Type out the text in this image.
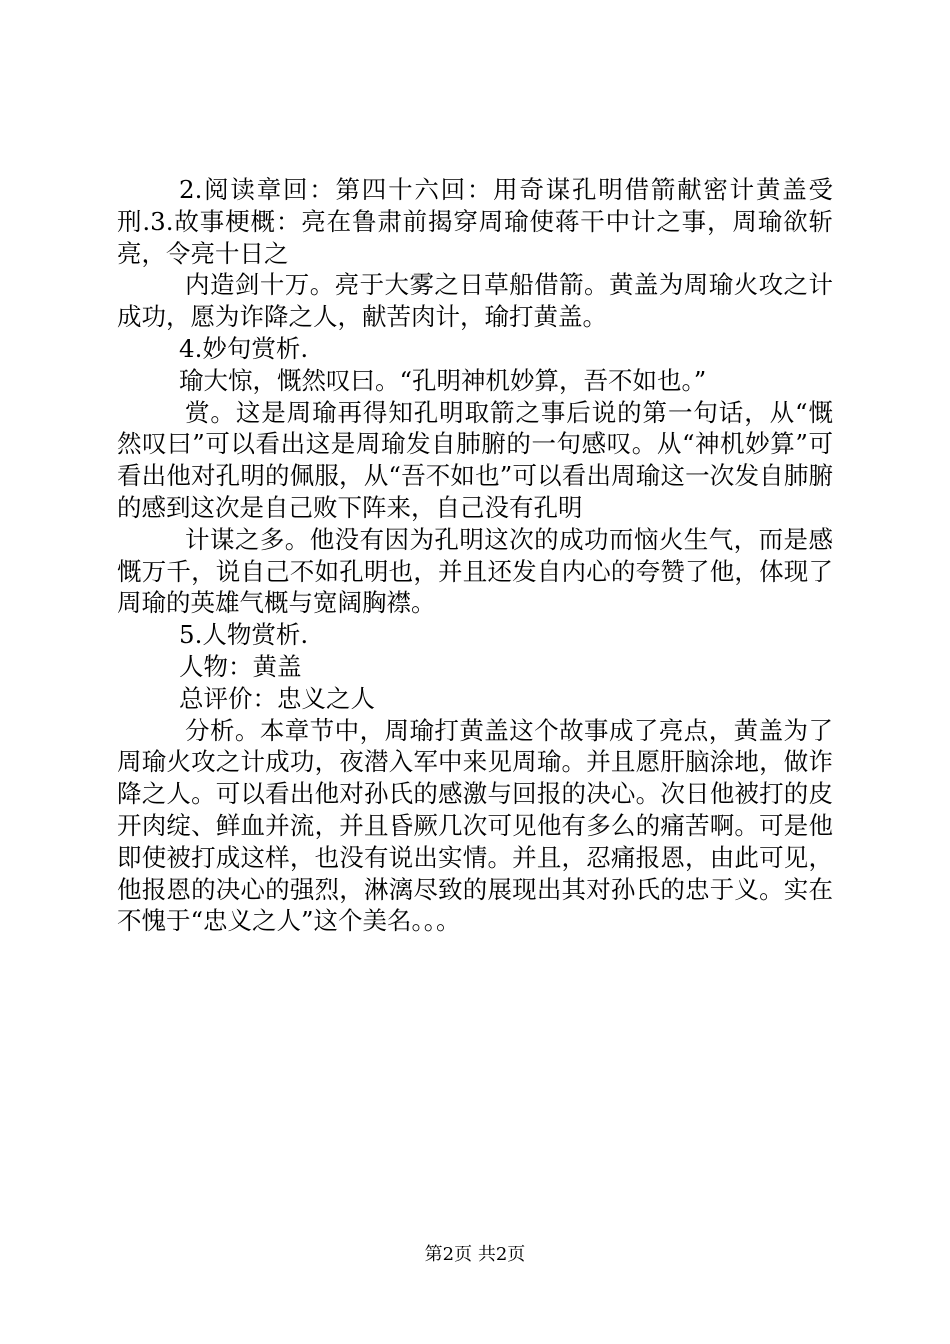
2.阅读章回：第四十六回：用奇谋孔明借箭献密计黄盖受刑.3.故事梗概：亮在鲁肃前揭穿周瑜使蒋干中计之事，周瑜欲斩亮，令亮十日之

内造剑十万。亮于大雾之日草船借箭。黄盖为周瑜火攻之计成功，愿为诈降之人，献苦肉计，瑜打黄盖。

4.妙句赏析.

瑜大惊，慨然叹曰。“孔明神机妙算，吾不如也。”

赏。这是周瑜再得知孔明取箭之事后说的第一句话，从“慨然叹曰”可以看出这是周瑜发自肺腑的一句感叹。从“神机妙算”可看出他对孔明的佩服，从“吾不如也”可以看出周瑜这一次发自肺腑的感到这次是自己败下阵来，自己没有孔明

计谋之多。他没有因为孔明这次的成功而恼火生气，而是感慨万千，说自己不如孔明也，并且还发自内心的夸赞了他，体现了周瑜的英雄气概与宽阔胸襟。

5.人物赏析.

人物：黄盖

总评价：忠义之人

分析。本章节中，周瑜打黄盖这个故事成了亮点，黄盖为了周瑜火攻之计成功，夜潜入军中来见周瑜。并且愿肝脑涂地，做诈降之人。可以看出他对孙氏的感激与回报的决心。次日他被打的皮开肉绽、鲜血并流，并且昏厥几次可见他有多么的痛苦啊。可是他即使被打成这样，也没有说出实情。并且，忍痛报恩，由此可见，他报恩的决心的强烈，淋漓尽致的展现出其对孙氏的忠于义。实在不愧于“忠义之人”这个美名。。。

第2页 共2页
